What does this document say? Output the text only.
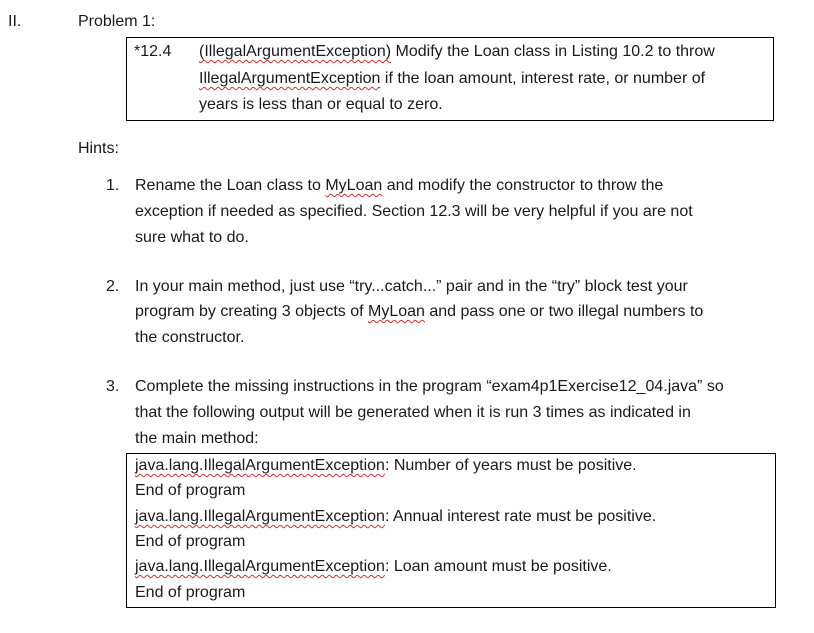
II.	Problem 1:
*12.4 (IllegalArgumentException) Modify the Loan class in Listing 10.2 to throw
IllegalArgumentException if the loan amount, interest rate, or number of
years is less than or equal to zero.
Hints:
1. Rename the Loan class to MyLoan and modify the constructor to throw the
exception if needed as specified. Section 12.3 will be very helpful if you are not
sure what to do.
2. In your main method, just use “try...catch...” pair and in the “try” block test your
program by creating 3 objects of MyLoan and pass one or two illegal numbers to
the constructor.
3. Complete the missing instructions in the program “exam4p1Exercise12_04.java” so
that the following output will be generated when it is run 3 times as indicated in
the main method:
java.lang.IllegalArgumentException: Number of years must be positive.
End of program
java.lang.IllegalArgumentException: Annual interest rate must be positive.
End of program
java.lang.IllegalArgumentException: Loan amount must be positive.
End of program
